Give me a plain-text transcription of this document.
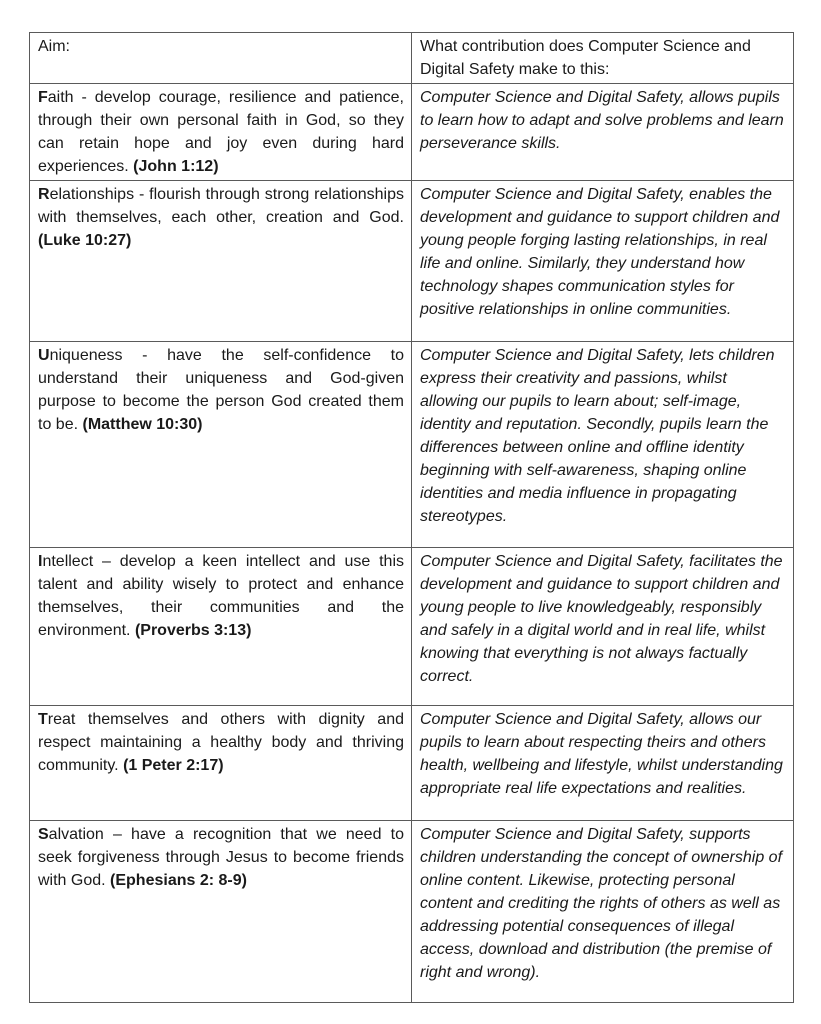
Aim:	What contribution does Computer Science and Digital Safety make to this:
Faith - develop courage, resilience and patience, through their own personal faith in God, so they can retain hope and joy even during hard experiences. (John 1:12)	Computer Science and Digital Safety, allows pupils to learn how to adapt and solve problems and learn perseverance skills.
Relationships - flourish through strong relationships with themselves, each other, creation and God. (Luke 10:27)	Computer Science and Digital Safety, enables the development and guidance to support children and young people forging lasting relationships, in real life and online. Similarly, they understand how technology shapes communication styles for positive relationships in online communities.
Uniqueness - have the self-confidence to understand their uniqueness and God-given purpose to become the person God created them to be. (Matthew 10:30)	Computer Science and Digital Safety, lets children express their creativity and passions, whilst allowing our pupils to learn about; self-image, identity and reputation. Secondly, pupils learn the differences between online and offline identity beginning with self-awareness, shaping online identities and media influence in propagating stereotypes.
Intellect – develop a keen intellect and use this talent and ability wisely to protect and enhance themselves, their communities and the environment. (Proverbs 3:13)	Computer Science and Digital Safety, facilitates the development and guidance to support children and young people to live knowledgeably, responsibly and safely in a digital world and in real life, whilst knowing that everything is not always factually correct.
Treat themselves and others with dignity and respect maintaining a healthy body and thriving community. (1 Peter 2:17)	Computer Science and Digital Safety, allows our pupils to learn about respecting theirs and others health, wellbeing and lifestyle, whilst understanding appropriate real life expectations and realities.
Salvation – have a recognition that we need to seek forgiveness through Jesus to become friends with God. (Ephesians 2: 8-9)	Computer Science and Digital Safety, supports children understanding the concept of ownership of online content. Likewise, protecting personal content and crediting the rights of others as well as addressing potential consequences of illegal access, download and distribution (the premise of right and wrong).
